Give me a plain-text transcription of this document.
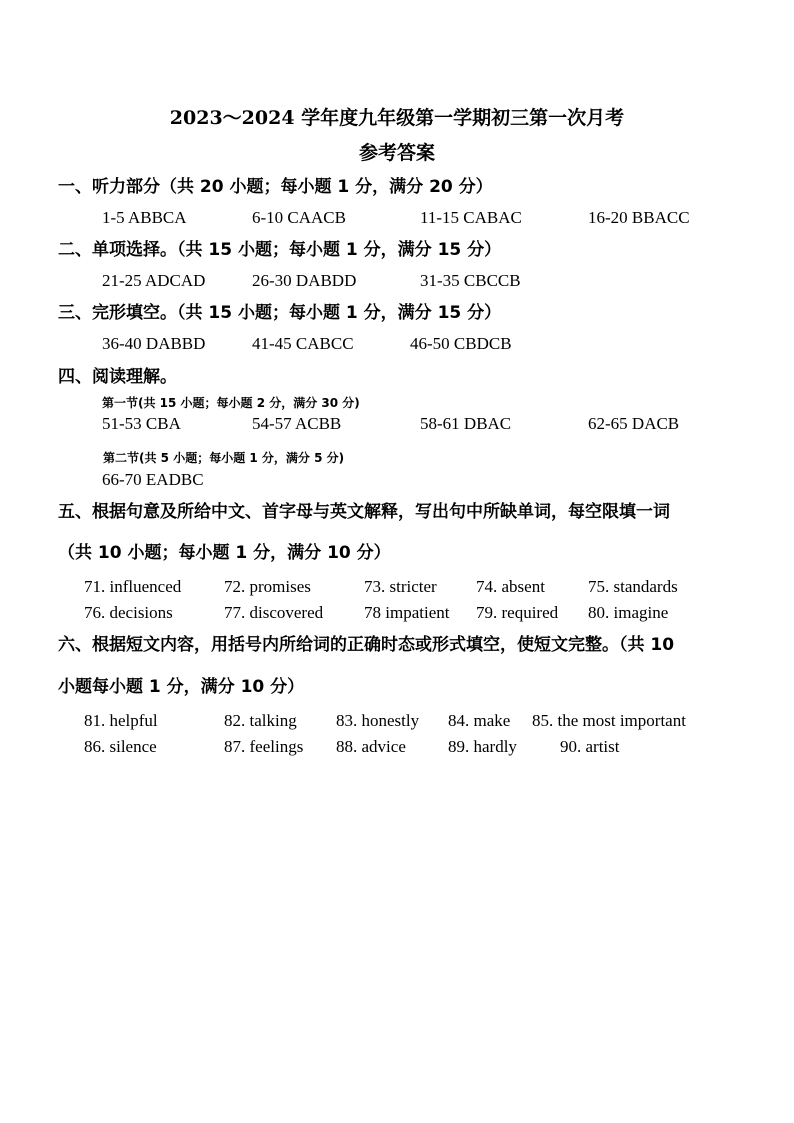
2023～2024 学年度九年级第一学期初三第一次月考
参考答案
一、听力部分（共 20 小题；每小题 1 分，满分 20 分）
1-5 ABBCA	6-10 CAACB	11-15 CABAC	16-20 BBACC
二、单项选择。（共 15 小题；每小题 1 分，满分 15 分）
21-25 ADCAD	26-30 DABDD	31-35 CBCCB
三、完形填空。（共 15 小题；每小题 1 分，满分 15 分）
36-40 DABBD	41-45 CABCC	46-50 CBDCB
四、阅读理解。
第一节(共 15 小题；每小题 2 分，满分 30 分)
51-53 CBA	54-57 ACBB	58-61 DBAC	62-65 DACB
第二节(共 5 小题；每小题 1 分，满分 5 分)
66-70 EADBC
五、根据句意及所给中文、首字母与英文解释，写出句中所缺单词，每空限填一词
（共 10 小题；每小题 1 分，满分 10 分）
71. influenced	72. promises	73. stricter 74. absent	75. standards
76. decisions	77. discovered 78 impatient 79. required 80. imagine
六、根据短文内容，用括号内所给词的正确时态或形式填空，使短文完整。（共 10
小题每小题 1 分，满分 10 分）
81. helpful	82. talking 83. honestly 84. make 85. the most important
86. silence	87. feelings 88. advice 89. hardly	90. artist
